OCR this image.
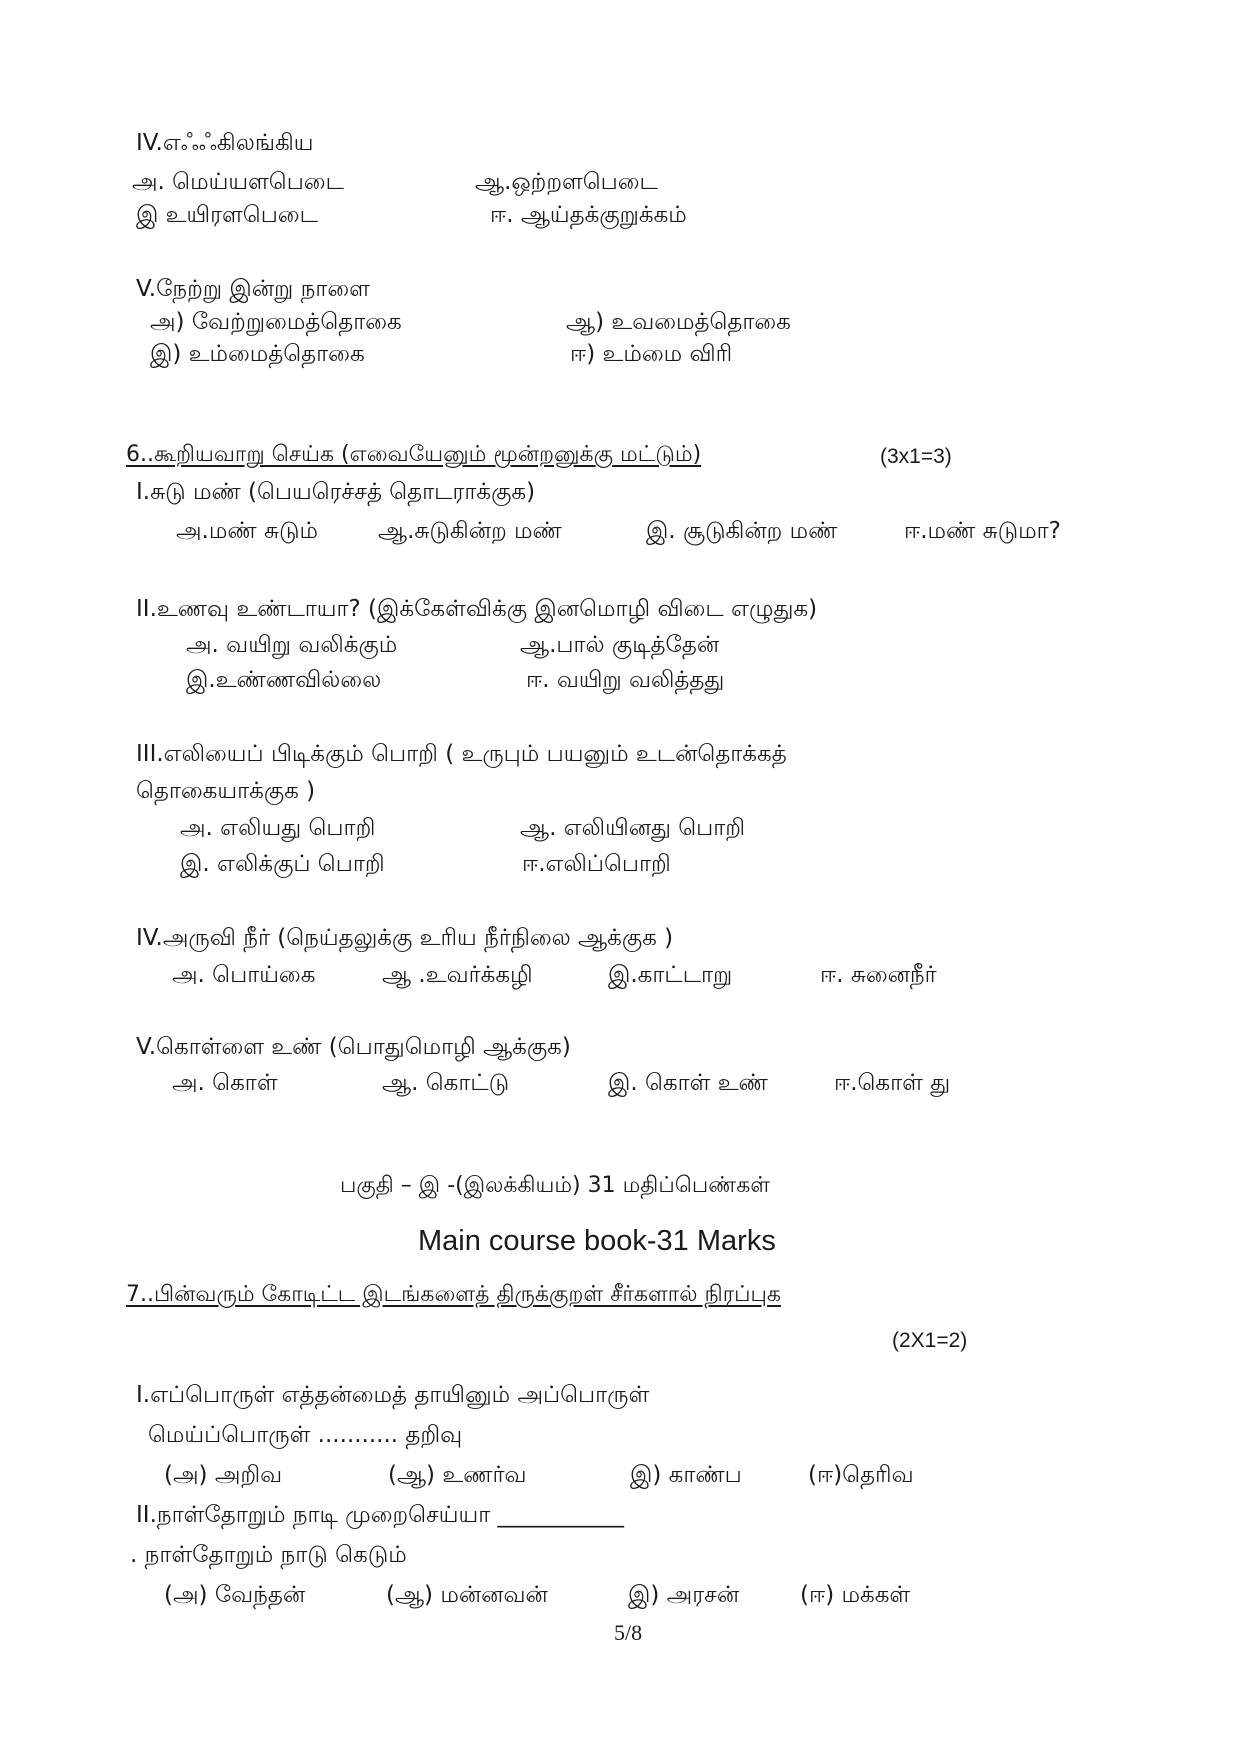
IV.எஃஃகிலங்கிய
அ. மெய்யளபெடை	ஆ.ஒற்றளபெடை
இ உயிரளபெடை	ஈ. ஆய்தக்குறுக்கம்
V.நேற்று இன்று நாளை
அ) வேற்றுமைத்தொகை	ஆ) உவமைத்தொகை
இ) உம்மைத்தொகை	ஈ) உம்மை விரி
6..கூறியவாறு செய்க (எவையேனும் மூன்றனுக்கு மட்டும்)	(3x1=3)
I.சுடு மண் (பெயரெச்சத் தொடராக்குக)
அ.மண் சுடும்	ஆ.சுடுகின்ற மண்	இ. சூடுகின்ற மண்	ஈ.மண் சுடுமா?
II.உணவு உண்டாயா? (இக்கேள்விக்கு இனமொழி விடை எழுதுக)
அ. வயிறு வலிக்கும்	ஆ.பால் குடித்தேன்
இ.உண்ணவில்லை	ஈ. வயிறு வலித்தது
III.எலியைப் பிடிக்கும் பொறி ( உருபும் பயனும் உடன்தொக்கத்
தொகையாக்குக )
அ. எலியது பொறி	ஆ. எலியினது பொறி
இ. எலிக்குப் பொறி	ஈ.எலிப்பொறி
IV.அருவி நீர் (நெய்தலுக்கு உரிய நீர்நிலை ஆக்குக )
அ. பொய்கை	ஆ .உவர்க்கழி	இ.காட்டாறு	ஈ. சுனைநீர்
V.கொள்ளை உண் (பொதுமொழி ஆக்குக)
அ. கொள்	ஆ. கொட்டு	இ. கொள் உண்	ஈ.கொள் து
பகுதி – இ -(இலக்கியம்) 31 மதிப்பெண்கள்
Main course book-31 Marks
7..பின்வரும் கோடிட்ட இடங்களைத் திருக்குறள் சீர்களால் நிரப்புக
(2X1=2)
I.எப்பொருள் எத்தன்மைத் தாயினும் அப்பொருள்
மெய்ப்பொருள் ........... தறிவு
(அ) அறிவ	(ஆ) உணர்வ	இ) காண்ப	(ஈ)தெரிவ
II.நாள்தோறும் நாடி முறைசெய்யா ___________
. நாள்தோறும் நாடு கெடும்
(அ) வேந்தன்	(ஆ) மன்னவன்	இ) அரசன்	(ஈ) மக்கள்
5/8
